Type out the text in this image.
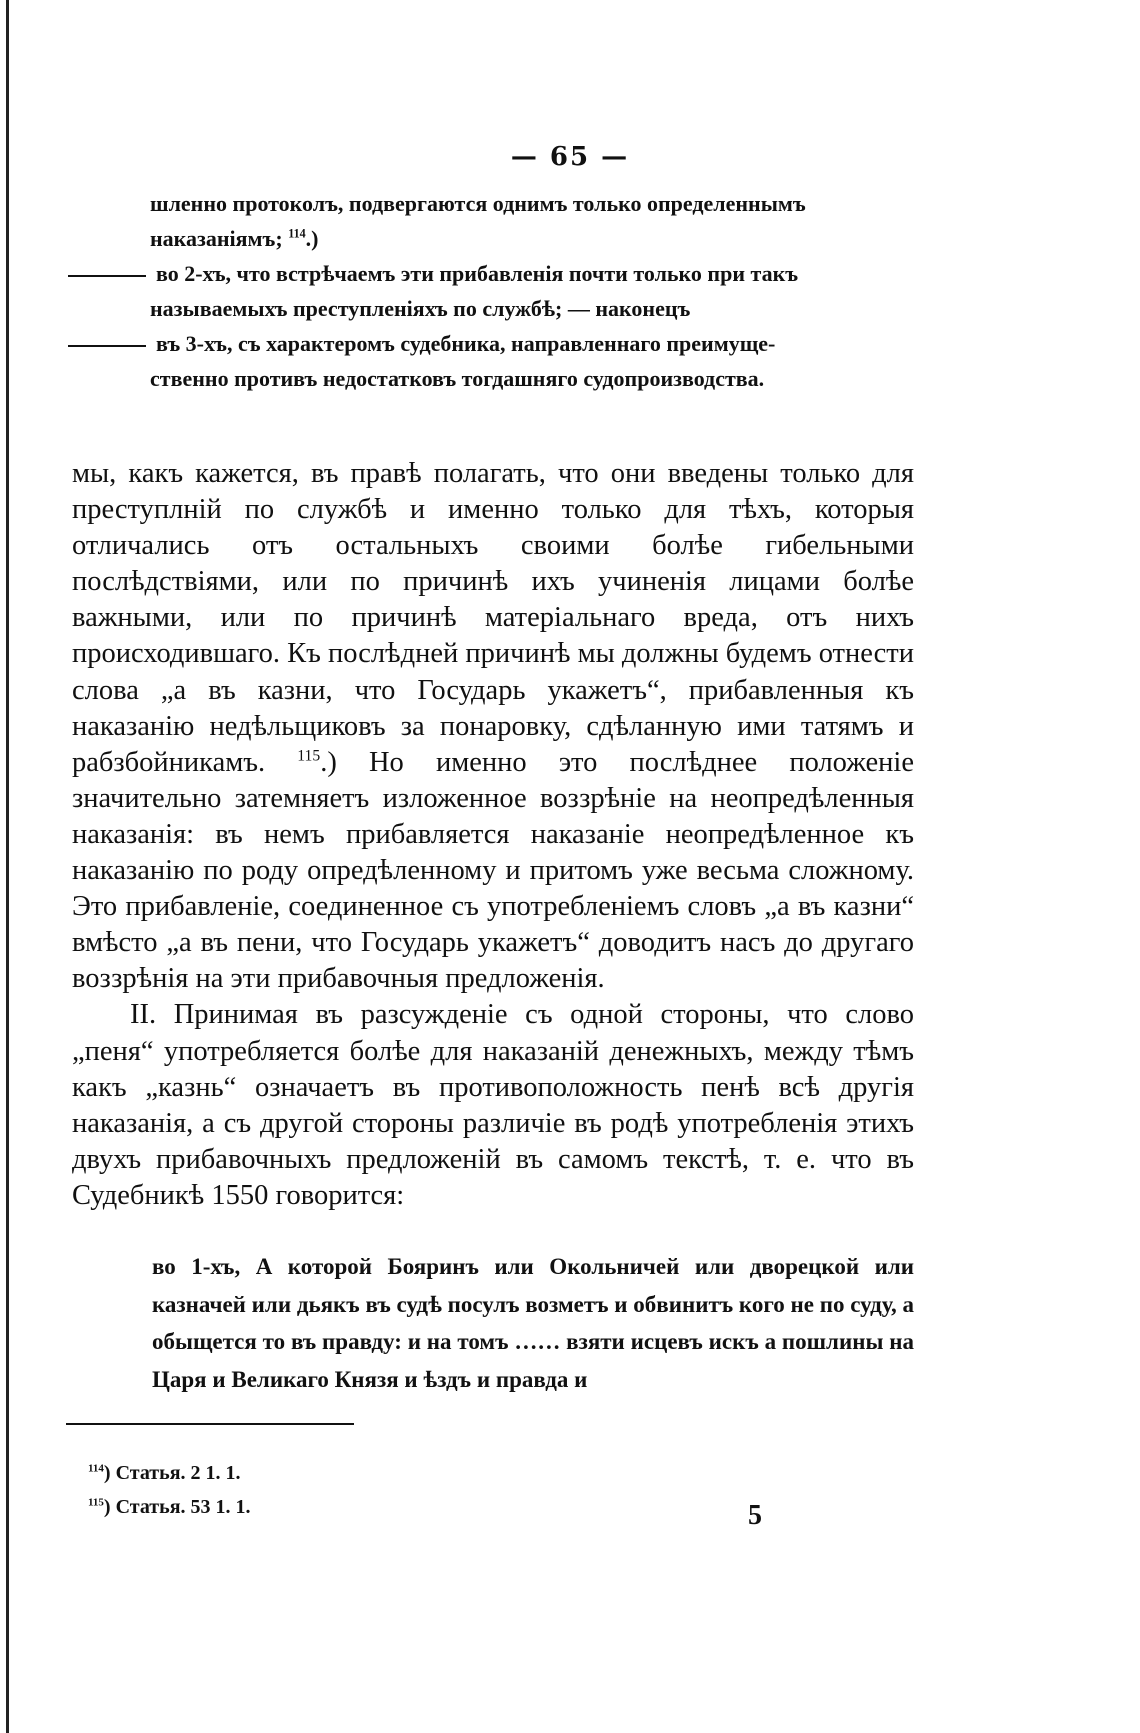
— 65 —
шленно протоколъ, подвергаются однимъ только определеннымъ
наказаніямъ; $^{114}$.)
во 2-хъ, что встрѣчаемъ эти прибавленія почти только при такъ
называемыхъ преступленіяхъ по службѣ; — наконецъ
въ 3-хъ, съ характеромъ судебника, направленнаго преимуще-
ственно противъ недостатковъ тогдашняго судопроизводства.

мы, какъ кажется, въ правѣ полагать, что они введены только для преступлній по службѣ и именно только для тѣхъ, которыя отличались отъ остальныхъ своими болѣе гибельными послѣдствіями, или по причинѣ ихъ учиненія лицами болѣе важными, или по причинѣ матеріальнаго вреда, отъ нихъ происходившаго. Къ послѣдней причинѣ мы должны будемъ отнести слова „а въ казни, что Государь укажетъ“, прибавленныя къ наказанію недѣльщиковъ за понаровку, сдѣланную ими татямъ и рабзбойникамъ. $^{115}$.) Но именно это послѣднее положеніе значительно затемняетъ изложенное воззрѣніе на неопредѣленныя наказанія: въ немъ прибавляется наказаніе неопредѣленное къ наказанію по роду опредѣленному и притомъ уже весьма сложному. Это прибавленіе, соединенное съ употребленіемъ словъ „а въ казни“ вмѣсто „а въ пени, что Государь укажетъ“ доводитъ насъ до другаго воззрѣнія на эти прибавочныя предложенія.

II. Принимая въ разсужденіе съ одной стороны, что слово „пеня“ употребляется болѣе для наказаній денежныхъ, между тѣмъ какъ „казнь“ означаетъ въ противоположность пенѣ всѣ другія наказанія, а съ другой стороны различіе въ родѣ употребленія этихъ двухъ прибавочныхъ предложеній въ самомъ текстѣ, т. е. что въ Судебникѣ 1550 говорится:

во 1-хъ, А которой Бояринъ или Окольничей или дворецкой или казначей или дьякъ въ судѣ посулъ возметъ и обвинитъ кого не по суду, а обыщется то въ правду: и на томъ …… взяти исцевъ искъ а пошлины на Царя и Великаго Князя и ѣздъ и правда и
$^{114}$) Статья. 2 1. 1.
$^{115}$) Статья. 53 1. 1.	5
